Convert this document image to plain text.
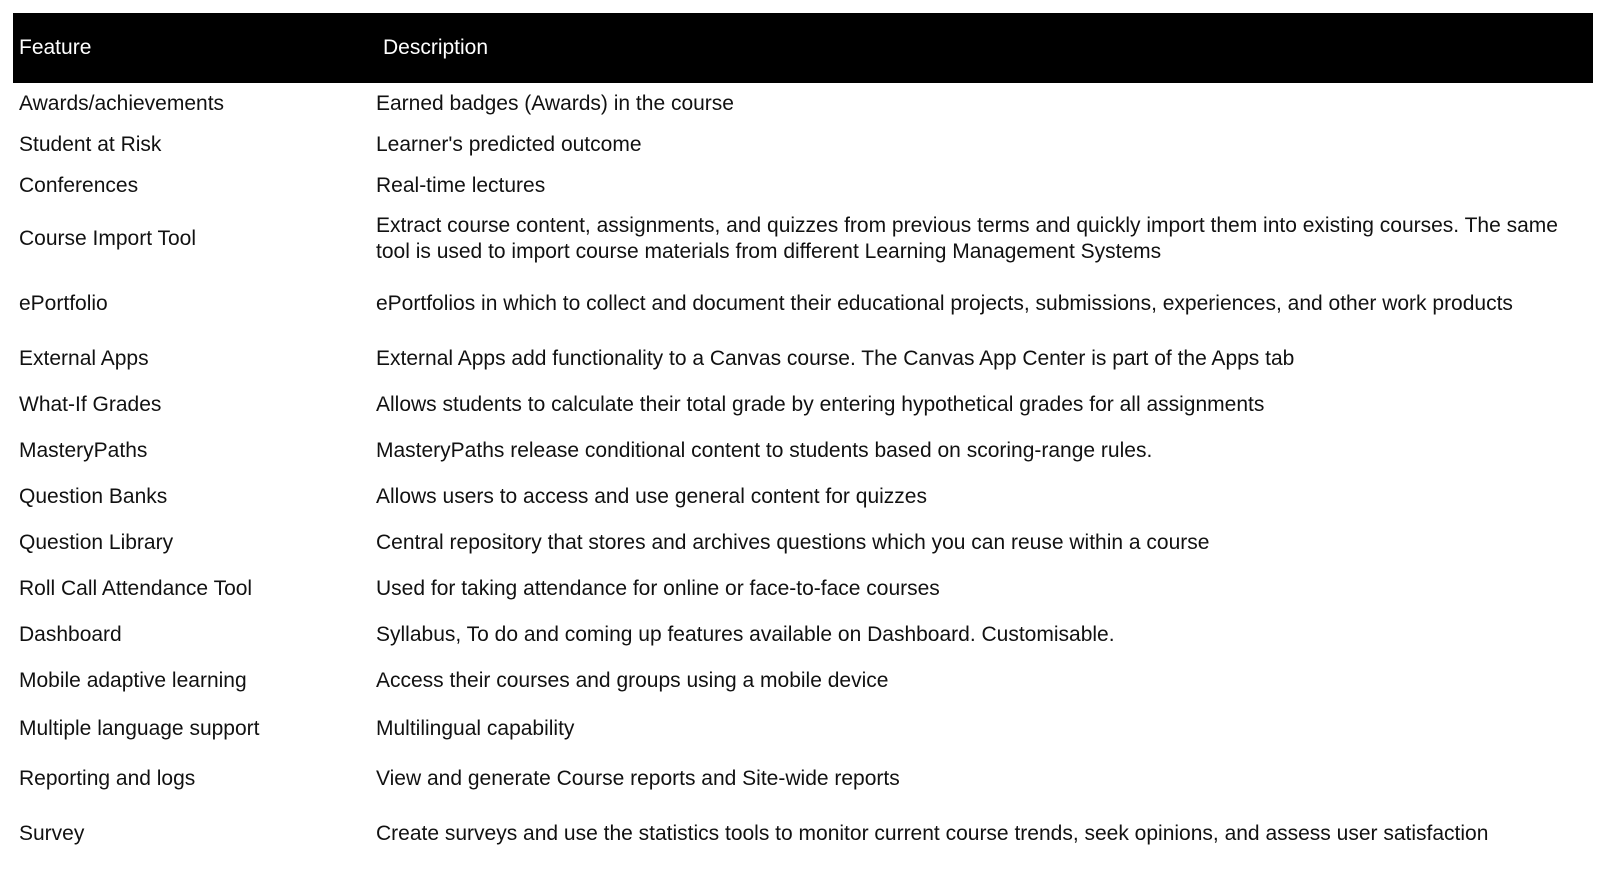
Feature	Description
Awards/achievements	Earned badges (Awards) in the course
Student at Risk	Learner's predicted outcome
Conferences	Real-time lectures
Course Import Tool	Extract course content, assignments, and quizzes from previous terms and quickly import them into existing courses. The same tool is used to import course materials from different Learning Management Systems
ePortfolio	ePortfolios in which to collect and document their educational projects, submissions, experiences, and other work products
External Apps	External Apps add functionality to a Canvas course. The Canvas App Center is part of the Apps tab
What-If Grades	Allows students to calculate their total grade by entering hypothetical grades for all assignments
MasteryPaths	MasteryPaths release conditional content to students based on scoring-range rules.
Question Banks	Allows users to access and use general content for quizzes
Question Library	Central repository that stores and archives questions which you can reuse within a course
Roll Call Attendance Tool	Used for taking attendance for online or face-to-face courses
Dashboard	Syllabus, To do and coming up features available on Dashboard. Customisable.
Mobile adaptive learning	Access their courses and groups using a mobile device
Multiple language support	Multilingual capability
Reporting and logs	View and generate Course reports and Site-wide reports
Survey	Create surveys and use the statistics tools to monitor current course trends, seek opinions, and assess user satisfaction
